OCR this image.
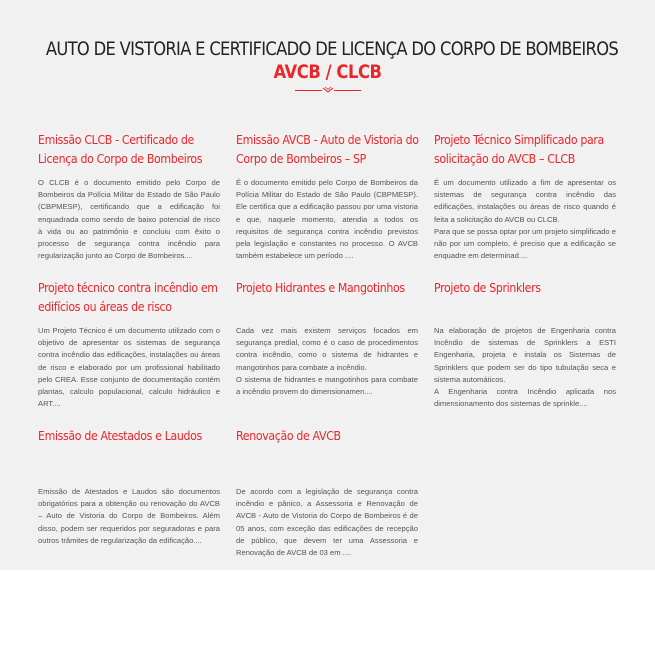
AUTO DE VISTORIA E CERTIFICADO DE LICENÇA DO CORPO DE BOMBEIROS
AVCB / CLCB
Emissão CLCB - Certificado de Licença do Corpo de Bombeiros

O CLCB é o documento emitido pelo Corpo de Bombeiros da Polícia Militar do Estado de São Paulo (CBPMESP), certificando que a edificação foi enquadrada como sendo de baixo potencial de risco à vida ou ao patrimônio e concluiu com êxito o processo de segurança contra incêndio para regularização junto ao Corpo de Bombeiros....

Emissão AVCB - Auto de Vistoria do Corpo de Bombeiros – SP

É o documento emitido pelo Corpo de Bombeiros da Polícia Militar do Estado de São Paulo (CBPMESP). Ele certifica que a edificação passou por uma vistoria e que, naquele momento, atendia a todos os requisitos de segurança contra incêndio previstos pela legislação e constantes no processo. O AVCB também estabelece um período ....

Projeto Técnico Simplificado para solicitação do AVCB – CLCB

É um documento utilizado a fim de apresentar os sistemas de segurança contra incêndio das edificações, instalações ou áreas de risco quando é feita a solicitação do AVCB ou CLCB.
Para que se possa optar por um projeto simplificado e não por um completo, é preciso que a edificação se enquadre em determinad....

Projeto técnico contra incêndio em edifícios ou áreas de risco

Um Projeto Técnico é um documento utilizado com o objetivo de apresentar os sistemas de segurança contra incêndio das edificações, instalações ou áreas de risco e elaborado por um profissional habilitado pelo CREA. Esse conjunto de documentação contém plantas, calculo populacional, calculo hidráulico e ART....

Projeto Hidrantes e Mangotinhos

Cada vez mais existem serviços focados em segurança predial, como é o caso de procedimentos contra incêndio, como o sistema de hidrantes e mangotinhos para combate a incêndio.
O sistema de hidrantes e mangotinhos para combate a incêndio provem do dimensionamen....

Projeto de Sprinklers

Na elaboração de projetos de Engenharia contra Incêndio de sistemas de Sprinklers a ESTI Engenharia, projeta e instala os Sistemas de Sprinklers que podem ser do tipo tubulação seca e sistema automáticos.
A Engenharia contra Incêndio aplicada nos dimensionamento dos sistemas de sprinkle....

Emissão de Atestados e Laudos

Emissão de Atestados e Laudos são documentos obrigatórios para a obtenção ou renovação do AVCB – Auto de Vistoria do Corpo de Bombeiros. Além disso, podem ser requeridos por seguradoras e para outros trâmites de regularização da edificação....

Renovação de AVCB

De acordo com a legislação de segurança contra incêndio e pânico, a Assessoria e Renovação de AVCB - Auto de Vistoria do Corpo de Bombeiros é de 05 anos, com exceção das edificações de recepção de público, que devem ter uma Assessoria e Renovação de AVCB de 03 em ....
